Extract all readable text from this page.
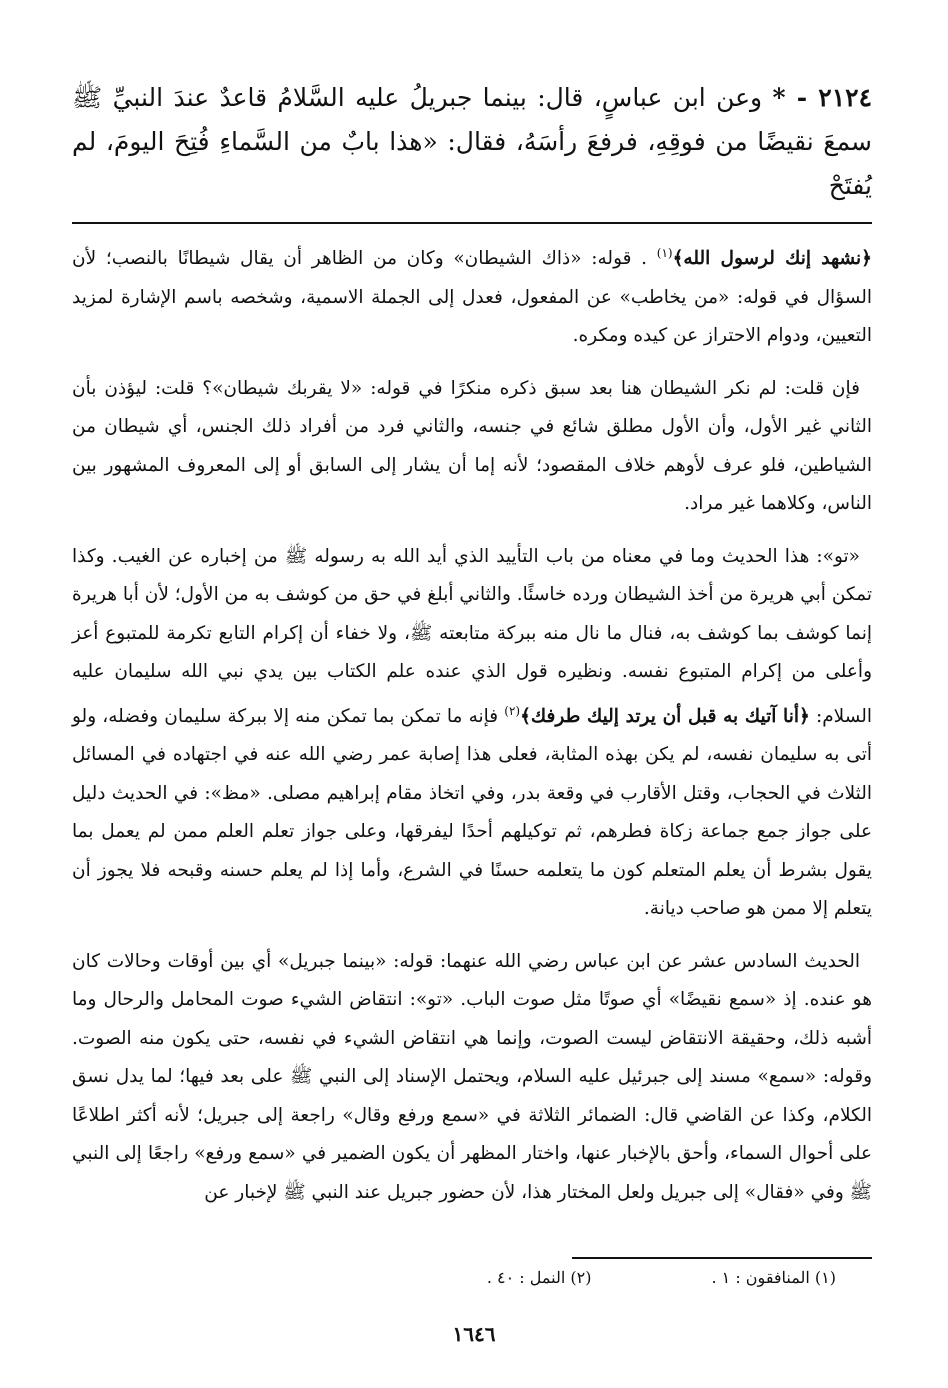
٢١٢٤ - * وعن ابن عباسٍ، قال: بينما جبريلُ عليه السَّلامُ قاعدٌ عندَ النبيِّ ﷺ سمعَ نقيضًا من فوقِهِ، فرفعَ رأسَهُ، فقال: «هذا بابٌ من السَّماءِ فُتِحَ اليومَ، لم يُفتَحْ

﴿نشهد إنك لرسول الله﴾$^{(١)}$ . قوله: «ذاك الشيطان» وكان من الظاهر أن يقال شيطانًا بالنصب؛ لأن السؤال في قوله: «من يخاطب» عن المفعول، فعدل إلى الجملة الاسمية، وشخصه باسم الإشارة لمزيد التعيين، ودوام الاحتراز عن كيده ومكره.

فإن قلت: لم نكر الشيطان هنا بعد سبق ذكره منكرًا في قوله: «لا يقربك شيطان»؟ قلت: ليؤذن بأن الثاني غير الأول، وأن الأول مطلق شائع في جنسه، والثاني فرد من أفراد ذلك الجنس، أي شيطان من الشياطين، فلو عرف لأوهم خلاف المقصود؛ لأنه إما أن يشار إلى السابق أو إلى المعروف المشهور بين الناس، وكلاهما غير مراد.

«تو»: هذا الحديث وما في معناه من باب التأييد الذي أيد الله به رسوله ﷺ من إخباره عن الغيب. وكذا تمكن أبي هريرة من أخذ الشيطان ورده خاسئًا. والثاني أبلغ في حق من كوشف به من الأول؛ لأن أبا هريرة إنما كوشف بما كوشف به، فنال ما نال منه ببركة متابعته ﷺ، ولا خفاء أن إكرام التابع تكرمة للمتبوع أعز وأعلى من إكرام المتبوع نفسه. ونظيره قول الذي عنده علم الكتاب بين يدي نبي الله سليمان عليه السلام: ﴿أنا آتيك به قبل أن يرتد إليك طرفك﴾$^{(٢)}$ فإنه ما تمكن بما تمكن منه إلا ببركة سليمان وفضله، ولو أتى به سليمان نفسه، لم يكن بهذه المثابة، فعلى هذا إصابة عمر رضي الله عنه في اجتهاده في المسائل الثلاث في الحجاب، وقتل الأقارب في وقعة بدر، وفي اتخاذ مقام إبراهيم مصلى. «مظ»: في الحديث دليل على جواز جمع جماعة زكاة فطرهم، ثم توكيلهم أحدًا ليفرقها، وعلى جواز تعلم العلم ممن لم يعمل بما يقول بشرط أن يعلم المتعلم كون ما يتعلمه حسنًا في الشرع، وأما إذا لم يعلم حسنه وقبحه فلا يجوز أن يتعلم إلا ممن هو صاحب ديانة.

الحديث السادس عشر عن ابن عباس رضي الله عنهما: قوله: «بينما جبريل» أي بين أوقات وحالات كان هو عنده. إذ «سمع نقيضًا» أي صوتًا مثل صوت الباب. «تو»: انتقاض الشيء صوت المحامل والرحال وما أشبه ذلك، وحقيقة الانتقاض ليست الصوت، وإنما هي انتقاض الشيء في نفسه، حتى يكون منه الصوت. وقوله: «سمع» مسند إلى جبرئيل عليه السلام، ويحتمل الإسناد إلى النبي ﷺ على بعد فيها؛ لما يدل نسق الكلام، وكذا عن القاضي قال: الضمائر الثلاثة في «سمع ورفع وقال» راجعة إلى جبريل؛ لأنه أكثر اطلاعًا على أحوال السماء، وأحق بالإخبار عنها، واختار المظهر أن يكون الضمير في «سمع ورفع» راجعًا إلى النبي ﷺ وفي «فقال» إلى جبريل ولعل المختار هذا، لأن حضور جبريل عند النبي ﷺ لإخبار عن

(١) المنافقون : ١ .
(٢) النمل : ٤٠ .
١٦٤٦
